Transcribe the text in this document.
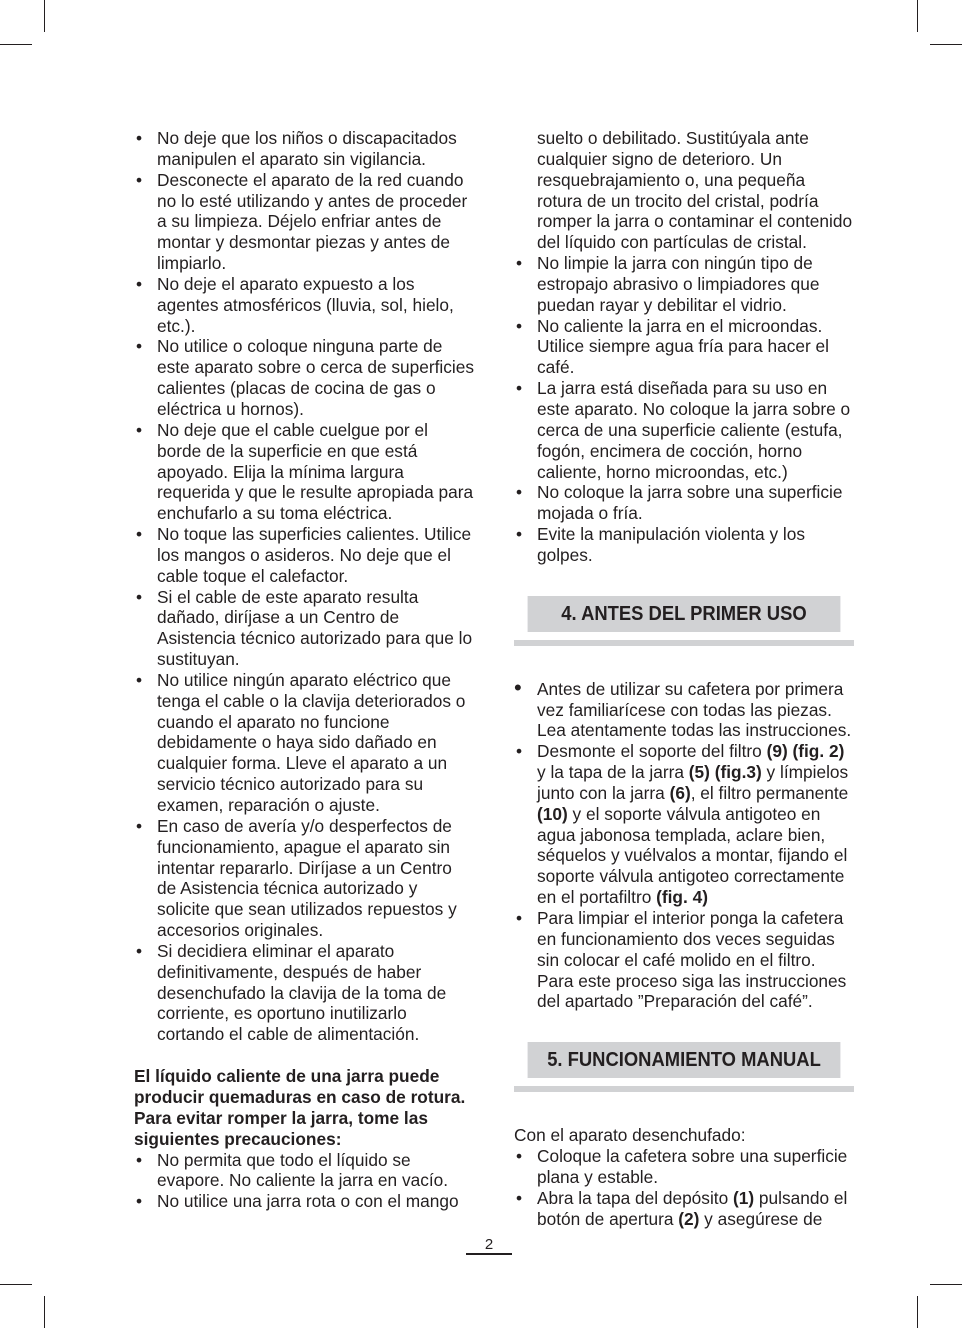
• No deje que los niños o discapacitados manipulen el aparato sin vigilancia.
• Desconecte el aparato de la red cuando no lo esté utilizando y antes de proceder a su limpieza. Déjelo enfriar antes de montar y desmontar piezas y antes de limpiarlo.
• No deje el aparato expuesto a los agentes atmosféricos (lluvia, sol, hielo, etc.).
• No utilice o coloque ninguna parte de este aparato sobre o cerca de superficies calientes (placas de cocina de gas o eléctrica u hornos).
• No deje que el cable cuelgue por el borde de la superficie en que está apoyado. Elija la mínima largura requerida y que le resulte apropiada para enchufarlo a su toma eléctrica.
• No toque las superficies calientes. Utilice los mangos o asideros. No deje que el cable toque el calefactor.
• Si el cable de este aparato resulta dañado, diríjase a un Centro de Asistencia técnico autorizado para que lo sustituyan.
• No utilice ningún aparato eléctrico que tenga el cable o la clavija deteriorados o cuando el aparato no funcione debidamente o haya sido dañado en cualquier forma. Lleve el aparato a un servicio técnico autorizado para su examen, reparación o ajuste.
• En caso de avería y/o desperfectos de funcionamiento, apague el aparato sin intentar repararlo. Diríjase a un Centro de Asistencia técnica autorizado y solicite que sean utilizados repuestos y accesorios originales.
• Si decidiera eliminar el aparato definitivamente, después de haber desenchufado la clavija de la toma de corriente, es oportuno inutilizarlo cortando el cable de alimentación.
El líquido caliente de una jarra puede producir quemaduras en caso de rotura. Para evitar romper la jarra, tome las siguientes precauciones:
• No permita que todo el líquido se evapore. No caliente la jarra en vacío.
• No utilice una jarra rota o con el mango
suelto o debilitado. Sustitúyala ante cualquier signo de deterioro. Un resquebrajamiento o, una pequeña rotura de un trocito del cristal, podría romper la jarra o contaminar el contenido del líquido con partículas de cristal.
• No limpie la jarra con ningún tipo de estropajo abrasivo o limpiadores que puedan rayar y debilitar el vidrio.
• No caliente la jarra en el microondas. Utilice siempre agua fría para hacer el café.
• La jarra está diseñada para su uso en este aparato. No coloque la jarra sobre o cerca de una superficie caliente (estufa, fogón, encimera de cocción, horno caliente, horno microondas, etc.)
• No coloque la jarra sobre una superficie mojada o fría.
• Evite la manipulación violenta y los golpes.
4. ANTES DEL PRIMER USO
• Antes de utilizar su cafetera por primera vez familiarícese con todas las piezas. Lea atentamente todas las instrucciones.
• Desmonte el soporte del filtro (9) (fig. 2) y la tapa de la jarra (5) (fig.3) y límpielos junto con la jarra (6), el filtro permanente (10) y el soporte válvula antigoteo en agua jabonosa templada, aclare bien, séquelos y vuélvalos a montar, fijando el soporte válvula antigoteo correctamente en el portafiltro (fig. 4)
• Para limpiar el interior ponga la cafetera en funcionamiento dos veces seguidas sin colocar el café molido en el filtro. Para este proceso siga las instrucciones del apartado ”Preparación del café”.
5. FUNCIONAMIENTO MANUAL
Con el aparato desenchufado:
• Coloque la cafetera sobre una superficie plana y estable.
• Abra la tapa del depósito (1) pulsando el botón de apertura (2) y asegúrese de
2
